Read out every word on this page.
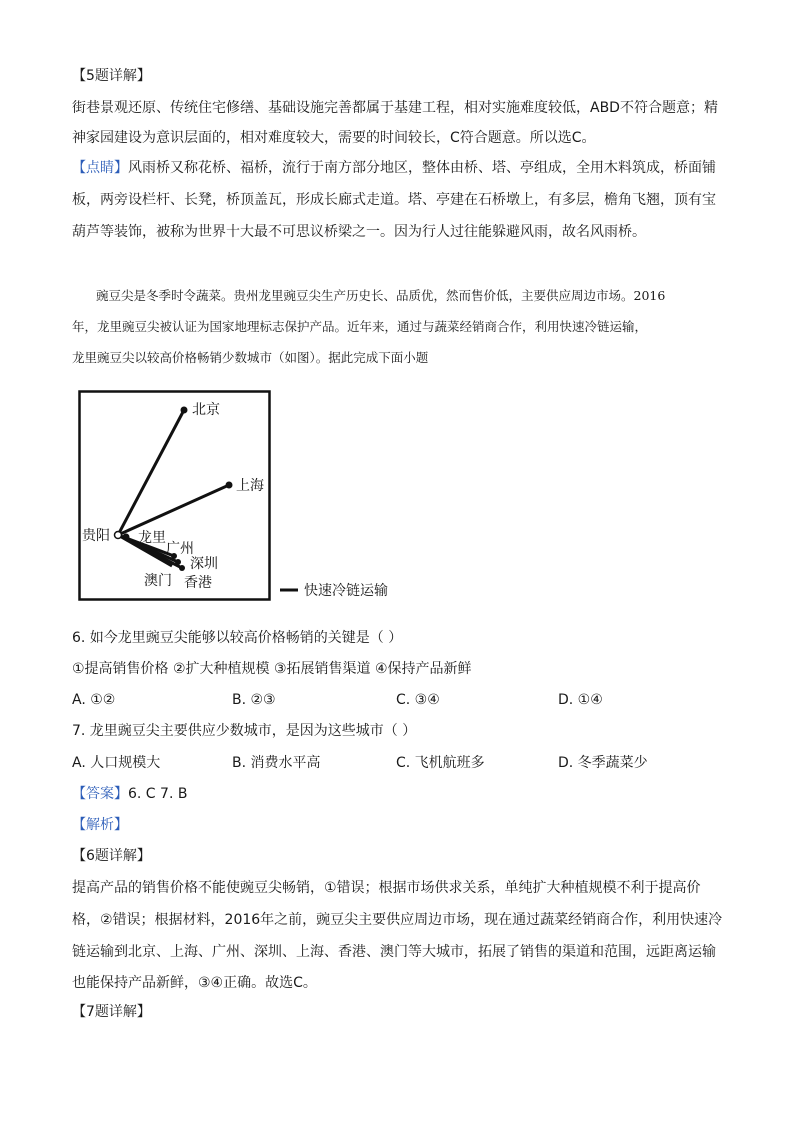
【5题详解】
街巷景观还原、传统住宅修缮、基础设施完善都属于基建工程，相对实施难度较低，ABD不符合题意；精
神家园建设为意识层面的，相对难度较大，需要的时间较长，C符合题意。所以选C。
【点睛】风雨桥又称花桥、福桥，流行于南方部分地区，整体由桥、塔、亭组成，全用木料筑成，桥面铺
板，两旁设栏杆、长凳，桥顶盖瓦，形成长廊式走道。塔、亭建在石桥墩上，有多层，檐角飞翘，顶有宝
葫芦等装饰，被称为世界十大最不可思议桥梁之一。因为行人过往能躲避风雨，故名风雨桥。
豌豆尖是冬季时令蔬菜。贵州龙里豌豆尖生产历史长、品质优，然而售价低，主要供应周边市场。2016
年，龙里豌豆尖被认证为国家地理标志保护产品。近年来，通过与蔬菜经销商合作，利用快速冷链运输，
龙里豌豆尖以较高价格畅销少数城市（如图）。据此完成下面小题
北京
上海
贵阳 龙里
广州
深圳
澳门 香港	快速冷链运输
6. 如今龙里豌豆尖能够以较高价格畅销的关键是（ ）
①提高销售价格 ②扩大种植规模 ③拓展销售渠道 ④保持产品新鲜
A. ①②	B. ②③	C. ③④	D. ①④
7. 龙里豌豆尖主要供应少数城市，是因为这些城市（ ）
A. 人口规模大	B. 消费水平高	C. 飞机航班多	D. 冬季蔬菜少
【答案】6. C 7. B
【解析】
【6题详解】
提高产品的销售价格不能使豌豆尖畅销，①错误；根据市场供求关系，单纯扩大种植规模不利于提高价
格，②错误；根据材料，2016年之前，豌豆尖主要供应周边市场，现在通过蔬菜经销商合作，利用快速冷
链运输到北京、上海、广州、深圳、上海、香港、澳门等大城市，拓展了销售的渠道和范围，远距离运输
也能保持产品新鲜，③④正确。故选C。
【7题详解】
